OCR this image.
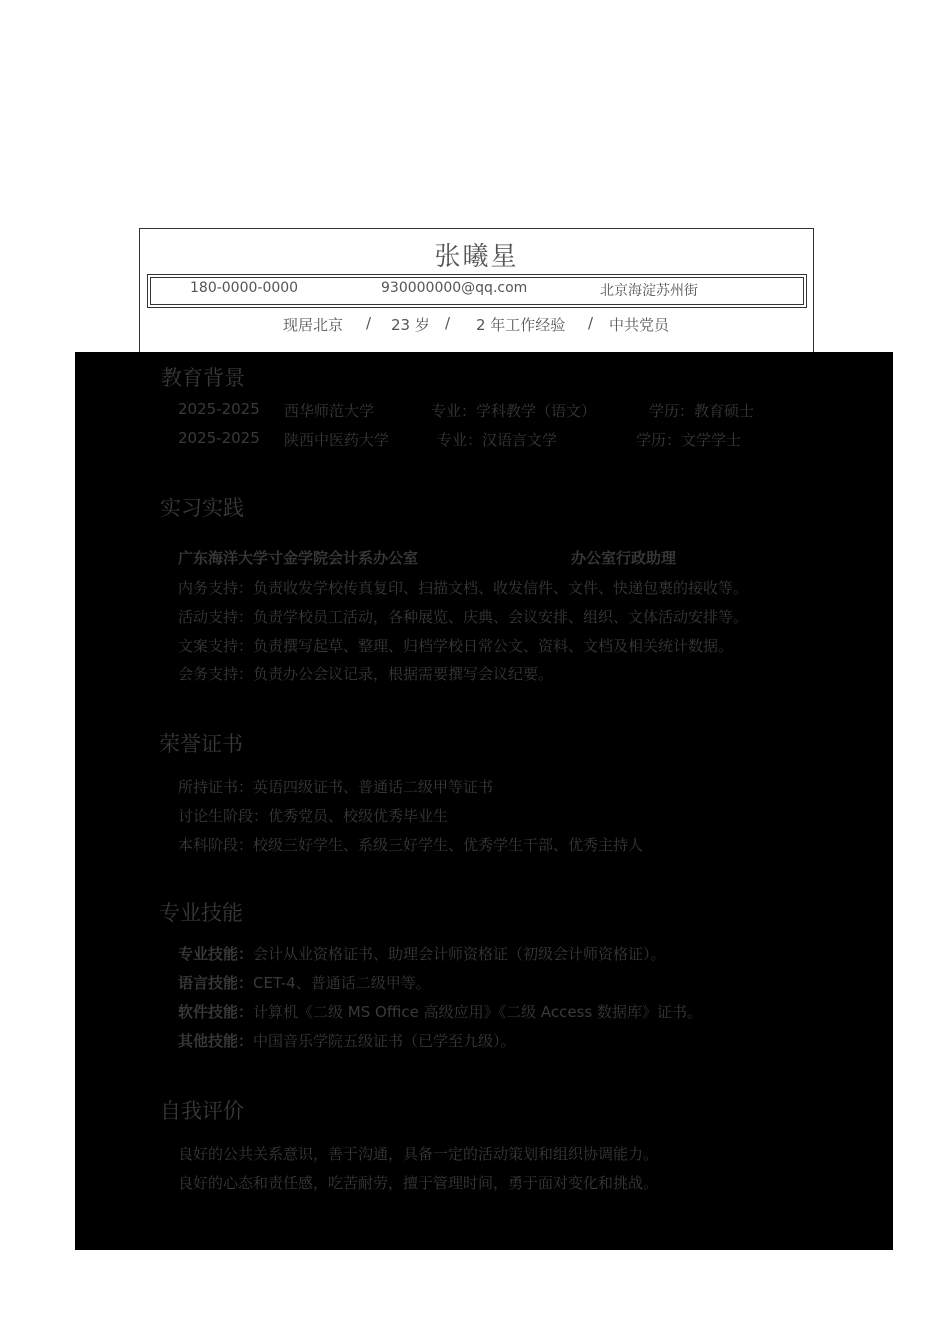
张曦星
180-0000-0000	930000000@qq.com	北京海淀苏州街
现居北京 / 23 岁 / 2 年工作经验 / 中共党员
教育背景
2025-2025 西华师范大学	专业：学科教学（语文）	学历：教育硕士
2025-2025 陕西中医药大学	专业：汉语言文学	学历：文学学士
实习实践
广东海洋大学寸金学院会计系办公室	办公室行政助理
内务支持：负责收发学校传真复印、扫描文档、收发信件、文件、快递包裹的接收等。
活动支持：负责学校员工活动，各种展览、庆典、会议安排、组织、文体活动安排等。
文案支持：负责撰写起草、整理、归档学校日常公文、资料、文档及相关统计数据。
会务支持：负责办公会议记录，根据需要撰写会议纪要。
荣誉证书
所持证书：英语四级证书、普通话二级甲等证书
讨论生阶段：优秀党员、校级优秀毕业生
本科阶段：校级三好学生、系级三好学生、优秀学生干部、优秀主持人
专业技能
专业技能：会计从业资格证书、助理会计师资格证（初级会计师资格证）。
语言技能：CET-4、普通话二级甲等。
软件技能：计算机《二级 MS Office 高级应用》《二级 Access 数据库》证书。
其他技能：中国音乐学院五级证书（已学至九级）。
自我评价
良好的公共关系意识，善于沟通，具备一定的活动策划和组织协调能力。
良好的心态和责任感，吃苦耐劳，擅于管理时间，勇于面对变化和挑战。
